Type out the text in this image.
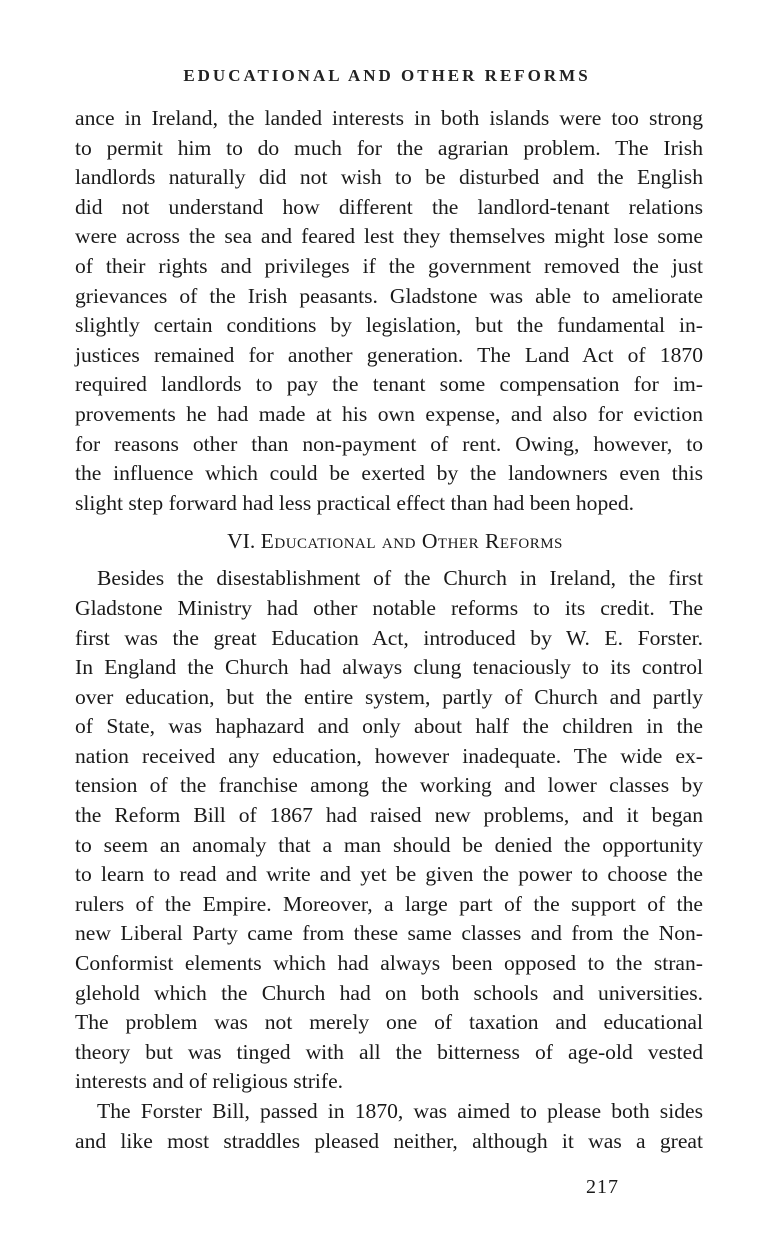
EDUCATIONAL AND OTHER REFORMS
ance in Ireland, the landed interests in both islands were too strong
to permit him to do much for the agrarian problem. The Irish
landlords naturally did not wish to be disturbed and the English
did not understand how different the landlord-tenant relations
were across the sea and feared lest they themselves might lose some
of their rights and privileges if the government removed the just
grievances of the Irish peasants. Gladstone was able to ameliorate
slightly certain conditions by legislation, but the fundamental in-
justices remained for another generation. The Land Act of 1870
required landlords to pay the tenant some compensation for im-
provements he had made at his own expense, and also for eviction
for reasons other than non-payment of rent. Owing, however, to
the influence which could be exerted by the landowners even this
slight step forward had less practical effect than had been hoped.
VI. Educational and Other Reforms
Besides the disestablishment of the Church in Ireland, the first
Gladstone Ministry had other notable reforms to its credit. The
first was the great Education Act, introduced by W. E. Forster.
In England the Church had always clung tenaciously to its control
over education, but the entire system, partly of Church and partly
of State, was haphazard and only about half the children in the
nation received any education, however inadequate. The wide ex-
tension of the franchise among the working and lower classes by
the Reform Bill of 1867 had raised new problems, and it began
to seem an anomaly that a man should be denied the opportunity
to learn to read and write and yet be given the power to choose the
rulers of the Empire. Moreover, a large part of the support of the
new Liberal Party came from these same classes and from the Non-
Conformist elements which had always been opposed to the stran-
glehold which the Church had on both schools and universities.
The problem was not merely one of taxation and educational
theory but was tinged with all the bitterness of age-old vested
interests and of religious strife.
The Forster Bill, passed in 1870, was aimed to please both sides
and like most straddles pleased neither, although it was a great
217
